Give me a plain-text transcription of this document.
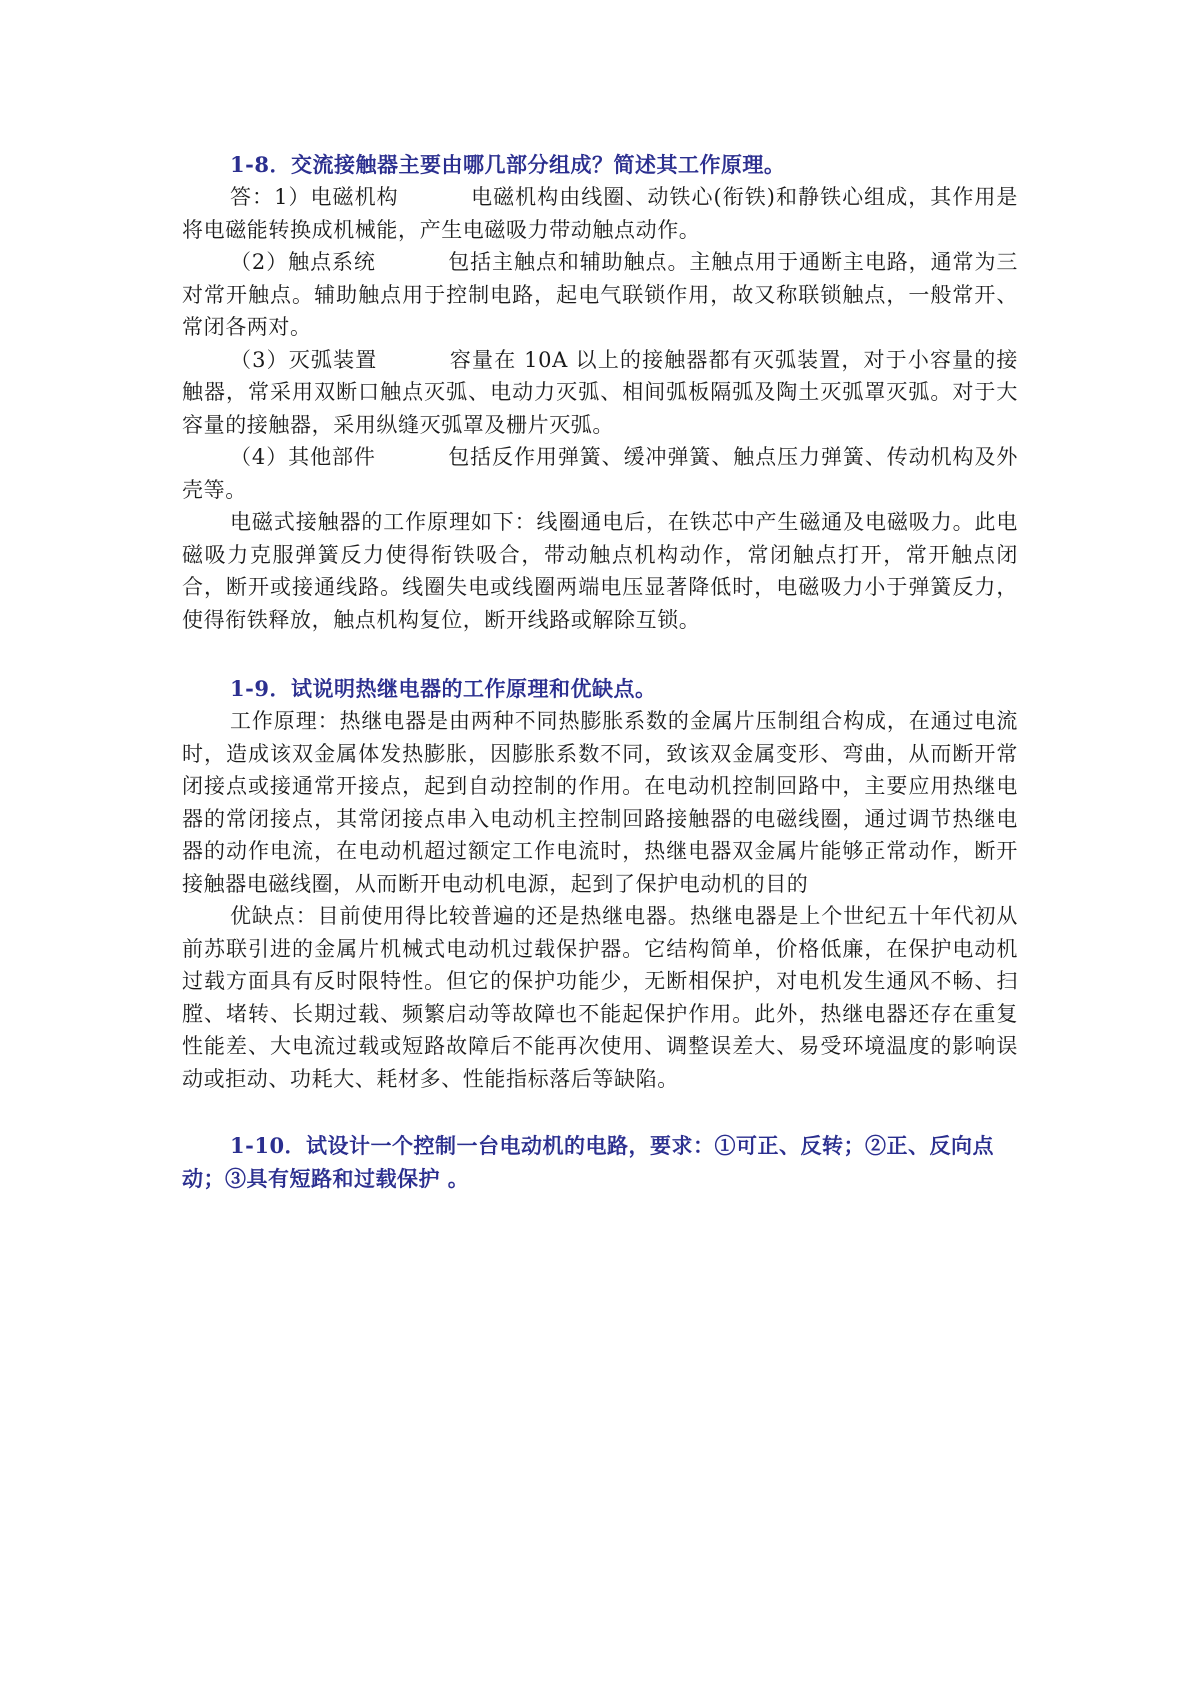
1-8．交流接触器主要由哪几部分组成？简述其工作原理。

答：1）电磁机构	电磁机构由线圈、动铁心(衔铁)和静铁心组成，其作用是将电磁能转换成机械能，产生电磁吸力带动触点动作。

（2）触点系统	包括主触点和辅助触点。主触点用于通断主电路，通常为三对常开触点。辅助触点用于控制电路，起电气联锁作用，故又称联锁触点，一般常开、常闭各两对。

（3）灭弧装置	容量在 10A 以上的接触器都有灭弧装置，对于小容量的接触器，常采用双断口触点灭弧、电动力灭弧、相间弧板隔弧及陶土灭弧罩灭弧。对于大容量的接触器，采用纵缝灭弧罩及栅片灭弧。

（4）其他部件	包括反作用弹簧、缓冲弹簧、触点压力弹簧、传动机构及外壳等。

电磁式接触器的工作原理如下：线圈通电后，在铁芯中产生磁通及电磁吸力。此电磁吸力克服弹簧反力使得衔铁吸合，带动触点机构动作，常闭触点打开，常开触点闭合，断开或接通线路。线圈失电或线圈两端电压显著降低时，电磁吸力小于弹簧反力，使得衔铁释放，触点机构复位，断开线路或解除互锁。

1-9．试说明热继电器的工作原理和优缺点。

工作原理：热继电器是由两种不同热膨胀系数的金属片压制组合构成，在通过电流时，造成该双金属体发热膨胀，因膨胀系数不同，致该双金属变形、弯曲，从而断开常闭接点或接通常开接点，起到自动控制的作用。在电动机控制回路中，主要应用热继电器的常闭接点，其常闭接点串入电动机主控制回路接触器的电磁线圈，通过调节热继电器的动作电流，在电动机超过额定工作电流时，热继电器双金属片能够正常动作，断开接触器电磁线圈，从而断开电动机电源，起到了保护电动机的目的

优缺点：目前使用得比较普遍的还是热继电器。热继电器是上个世纪五十年代初从前苏联引进的金属片机械式电动机过载保护器。它结构简单，价格低廉，在保护电动机过载方面具有反时限特性。但它的保护功能少，无断相保护，对电机发生通风不畅、扫膛、堵转、长期过载、频繁启动等故障也不能起保护作用。此外，热继电器还存在重复性能差、大电流过载或短路故障后不能再次使用、调整误差大、易受环境温度的影响误动或拒动、功耗大、耗材多、性能指标落后等缺陷。

1-10．试设计一个控制一台电动机的电路，要求：①可正、反转；②正、反向点动；③具有短路和过载保护 。
